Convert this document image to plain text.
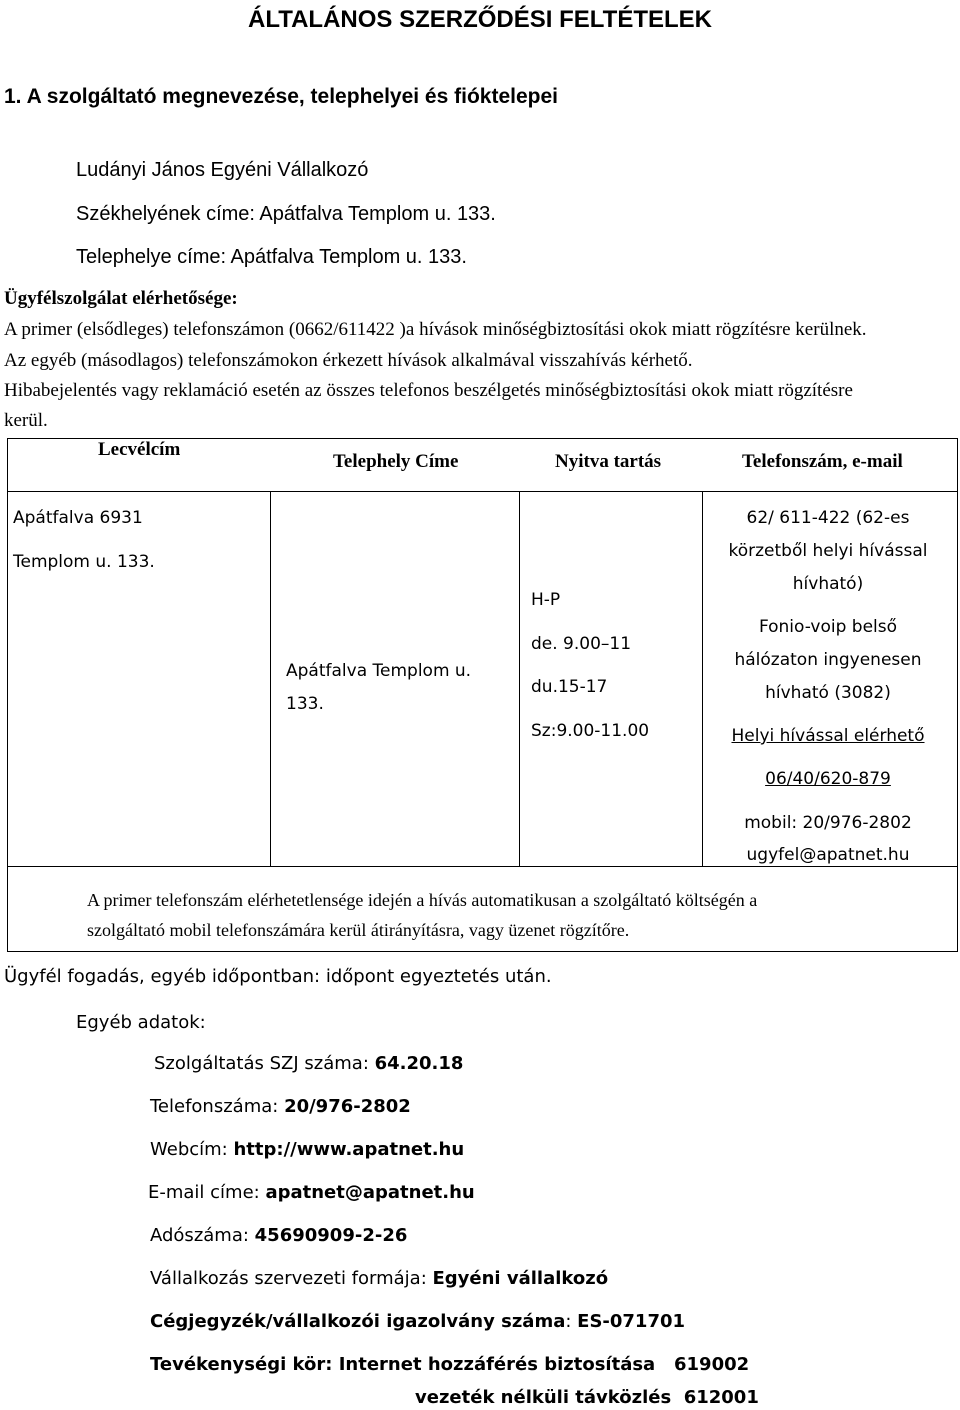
ÁLTALÁNOS SZERZŐDÉSI FELTÉTELEK
1. A szolgáltató megnevezése, telephelyei és fióktelepei
Ludányi János Egyéni Vállalkozó
Székhelyének címe: Apátfalva Templom u. 133.
Telephelye címe: Apátfalva Templom u. 133.
Ügyfélszolgálat elérhetősége:
A primer (elsődleges) telefonszámon (0662/611422 )a hívások minőségbiztosítási okok miatt rögzítésre kerülnek.
Az egyéb (másodlagos) telefonszámokon érkezett hívások alkalmával visszahívás kérhető.
Hibabejelentés vagy reklamáció esetén az összes telefonos beszélgetés minőségbiztosítási okok miatt rögzítésre
kerül.
Lecvélcím
Telephely Címe	Nyitva tartás	Telefonszám, e-mail
Apátfalva 6931
Templom u. 133.
Apátfalva Templom u.
133.
H-P
de. 9.00–11
du.15-17
Sz:9.00-11.00
62/ 611-422 (62-es
körzetből helyi hívással
hívható)
Fonio-voip belső
hálózaton ingyenesen
hívható (3082)
Helyi hívással elérhető
06/40/620-879
mobil: 20/976-2802
ugyfel@apatnet.hu
A primer telefonszám elérhetetlensége idején a hívás automatikusan a szolgáltató költségén a
szolgáltató mobil telefonszámára kerül átirányításra, vagy üzenet rögzítőre.
Ügyfél fogadás, egyéb időpontban: időpont egyeztetés után.
Egyéb adatok:
Szolgáltatás SZJ száma: 64.20.18
Telefonszáma: 20/976-2802
Webcím: http://www.apatnet.hu
E-mail címe: apatnet@apatnet.hu
Adószáma: 45690909-2-26
Vállalkozás szervezeti formája: Egyéni vállalkozó
Cégjegyzék/vállalkozói igazolvány száma: ES-071701
Tevékenységi kör: Internet hozzáférés biztosítása   619002
vezeték nélküli távközlés  612001
